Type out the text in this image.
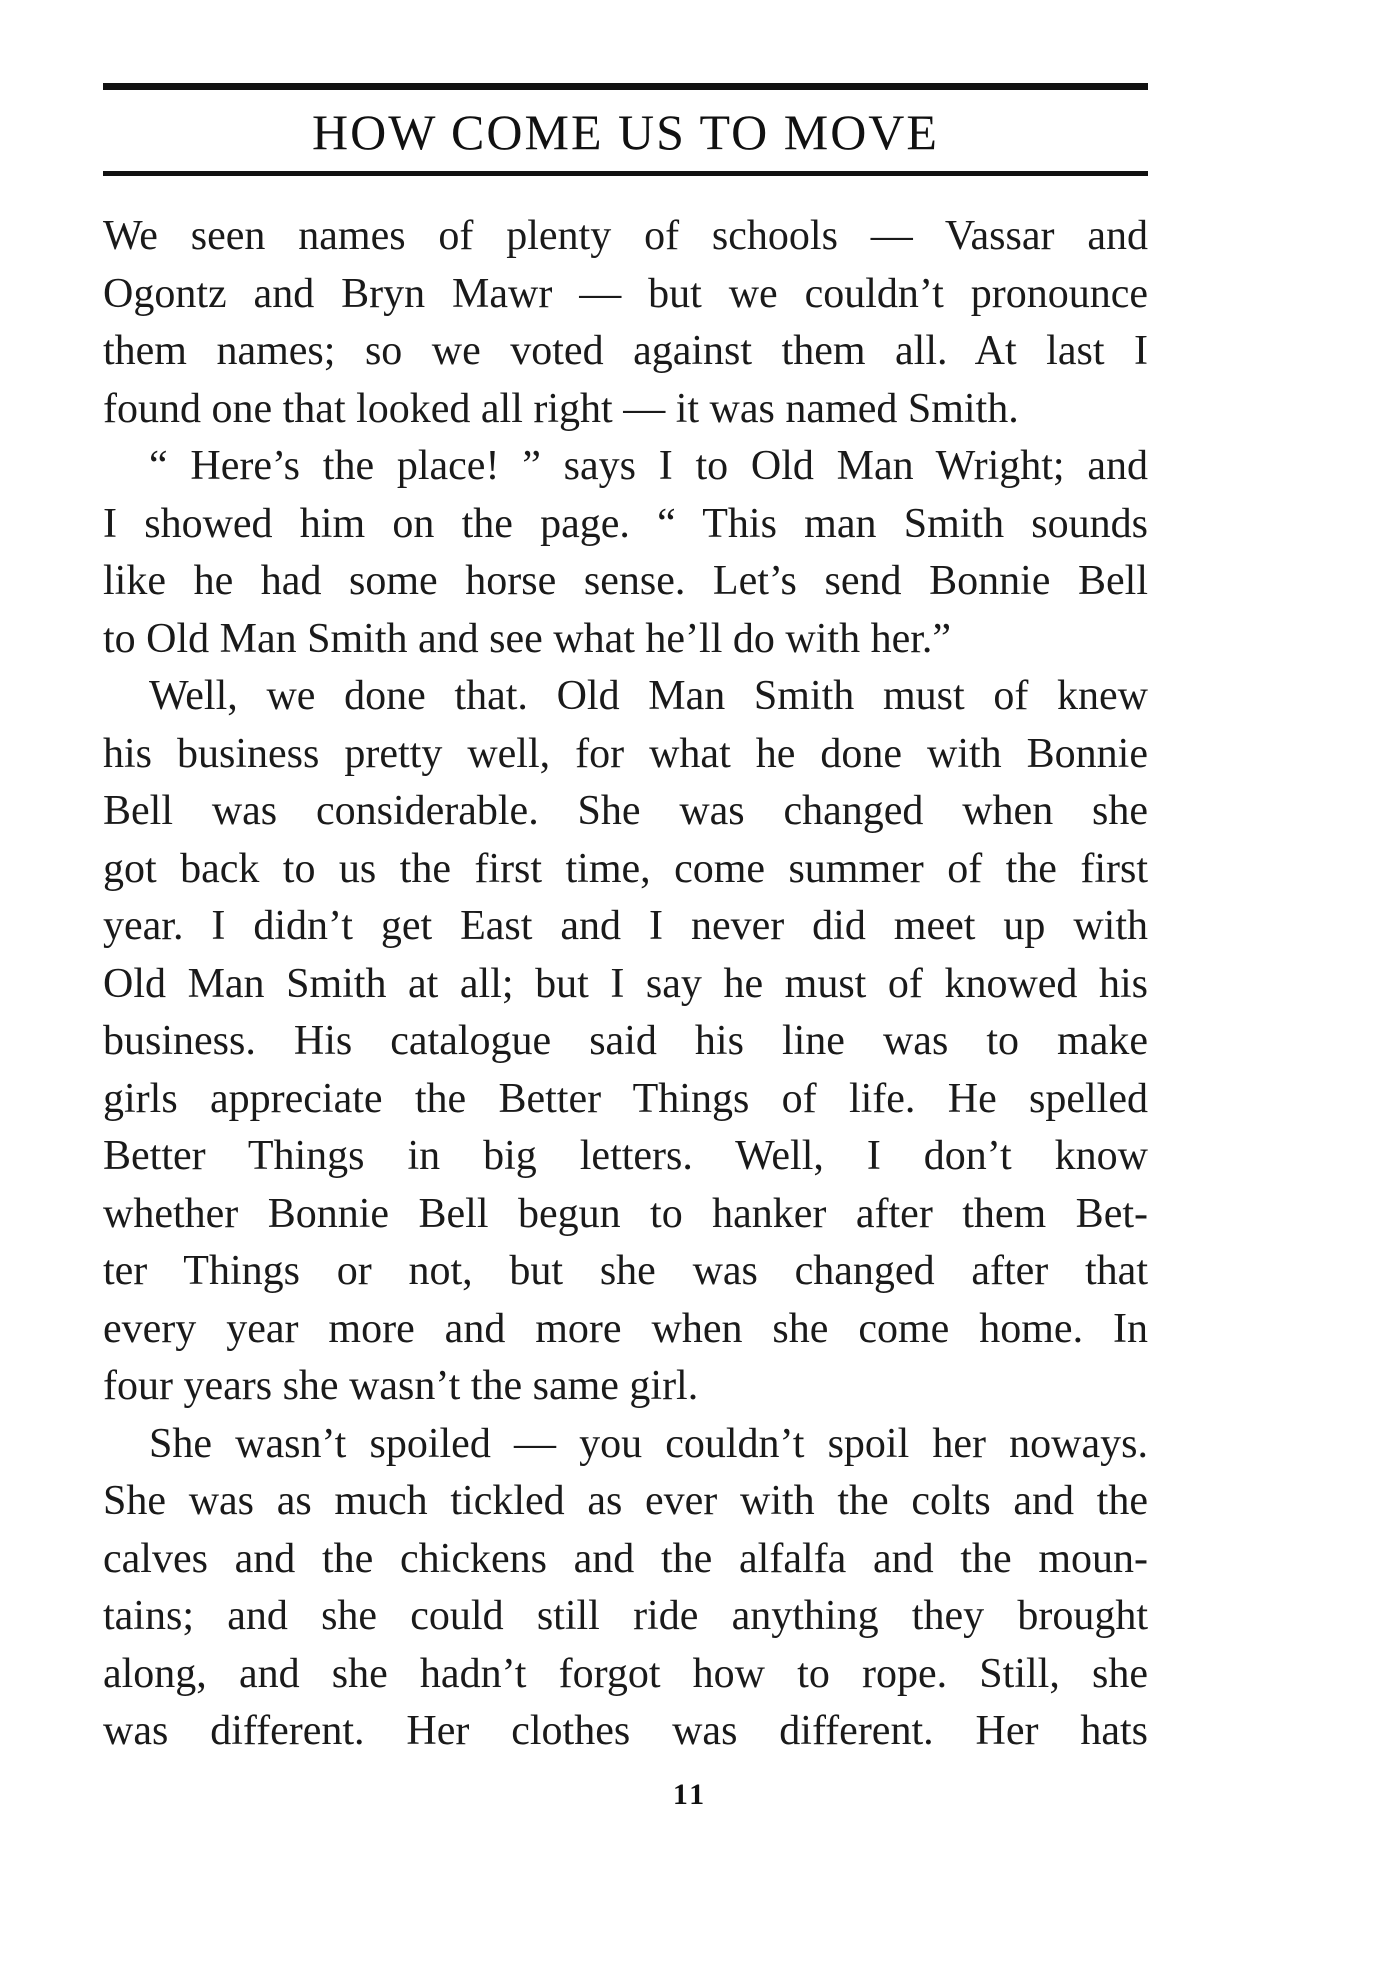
HOW COME US TO MOVE
We seen names of plenty of schools — Vassar and
Ogontz and Bryn Mawr — but we couldn’t pronounce
them names; so we voted against them all. At last I
found one that looked all right — it was named Smith.
“ Here’s the place! ” says I to Old Man Wright; and
I showed him on the page. “ This man Smith sounds
like he had some horse sense. Let’s send Bonnie Bell
to Old Man Smith and see what he’ll do with her.”
Well, we done that. Old Man Smith must of knew
his business pretty well, for what he done with Bonnie
Bell was considerable. She was changed when she
got back to us the first time, come summer of the first
year. I didn’t get East and I never did meet up with
Old Man Smith at all; but I say he must of knowed his
business. His catalogue said his line was to make
girls appreciate the Better Things of life. He spelled
Better Things in big letters. Well, I don’t know
whether Bonnie Bell begun to hanker after them Bet-
ter Things or not, but she was changed after that
every year more and more when she come home. In
four years she wasn’t the same girl.
She wasn’t spoiled — you couldn’t spoil her noways.
She was as much tickled as ever with the colts and the
calves and the chickens and the alfalfa and the moun-
tains; and she could still ride anything they brought
along, and she hadn’t forgot how to rope. Still, she
was different. Her clothes was different. Her hats
11
